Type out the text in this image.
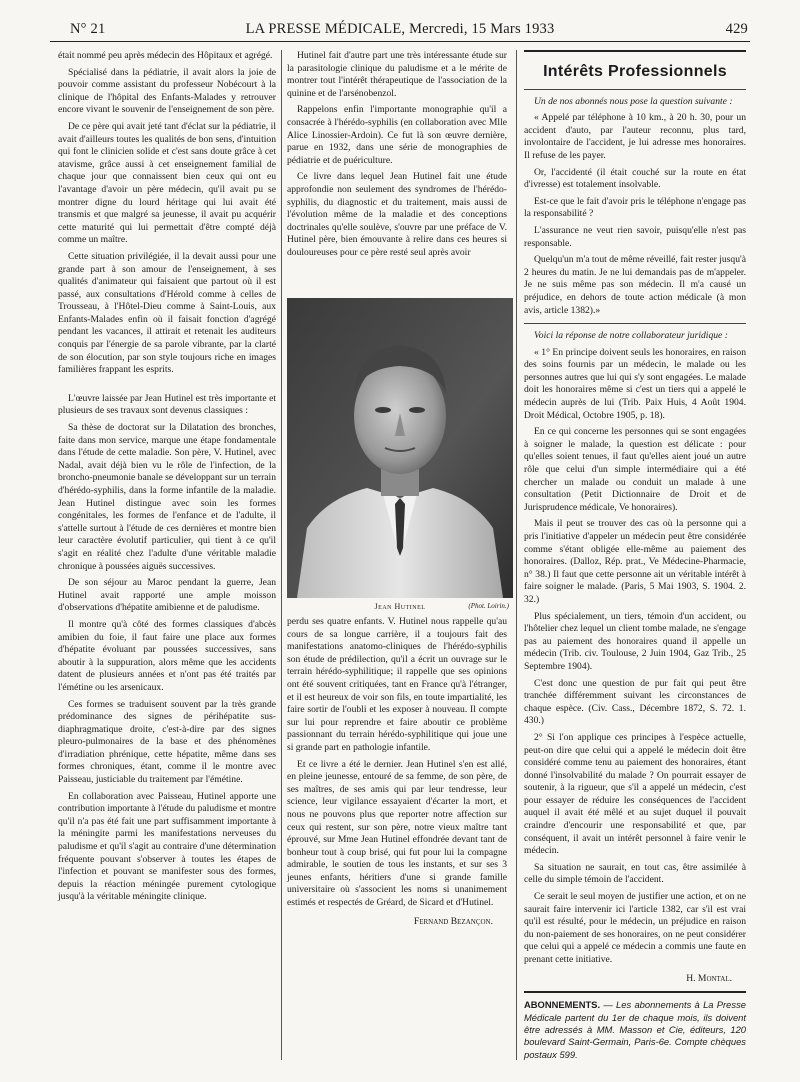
N° 21	LA PRESSE MÉDICALE, Mercredi, 15 Mars 1933	429

était nommé peu après médecin des Hôpitaux et agrégé.

Spécialisé dans la pédiatrie, il avait alors la joie de pouvoir comme assistant du professeur Nobécourt à la clinique de l'hôpital des Enfants-Malades y retrouver encore vivant le souvenir de l'enseignement de son père.

De ce père qui avait jeté tant d'éclat sur la pédiatrie, il avait d'ailleurs toutes les qualités de bon sens, d'intuition qui font le clinicien solide et c'est sans doute grâce à cet atavisme, grâce aussi à cet enseignement familial de chaque jour que connaissent bien ceux qui ont eu l'avantage d'avoir un père médecin, qu'il avait pu se montrer digne du lourd héritage qui lui avait été transmis et que malgré sa jeunesse, il avait pu acquérir cette maturité qui lui permettait d'être compté déjà comme un maître.

Cette situation privilégiée, il la devait aussi pour une grande part à son amour de l'enseignement, à ses qualités d'animateur qui faisaient que partout où il est passé, aux consultations d'Hérold comme à celles de Trousseau, à l'Hôtel-Dieu comme à Saint-Louis, aux Enfants-Malades enfin où il faisait fonction d'agrégé pendant les vacances, il attirait et retenait les auditeurs conquis par l'énergie de sa parole vibrante, par la clarté de son élocution, par son style toujours riche en images familières frappant les esprits.

L'œuvre laissée par Jean Hutinel est très importante et plusieurs de ses travaux sont devenus classiques :

Sa thèse de doctorat sur la Dilatation des bronches, faite dans mon service, marque une étape fondamentale dans l'étude de cette maladie. Son père, V. Hutinel, avec Nadal, avait déjà bien vu le rôle de l'infection, de la broncho-pneumonie banale se développant sur un terrain d'hérédo-syphilis, dans la forme infantile de la maladie. Jean Hutinel distingue avec soin les formes congénitales, les formes de l'enfance et de l'adulte, il s'attelle surtout à l'étude de ces dernières et montre bien leur caractère évolutif particulier, qui tient à ce qu'il s'agit en réalité chez l'adulte d'une véritable maladie chronique à poussées aiguës successives.

De son séjour au Maroc pendant la guerre, Jean Hutinel avait rapporté une ample moisson d'observations d'hépatite amibienne et de paludisme.

Il montre qu'à côté des formes classiques d'abcès amibien du foie, il faut faire une place aux formes d'hépatite évoluant par poussées successives, sans aboutir à la suppuration, alors même que les accidents datent de plusieurs années et n'ont pas été traités par l'émétine ou les arsenicaux.

Ces formes se traduisent souvent par la très grande prédominance des signes de périhépatite sus-diaphragmatique droite, c'est-à-dire par des signes pleuro-pulmonaires de la base et des phénomènes d'irradiation phrénique, cette hépatite, même dans ses formes chroniques, étant, comme il le montre avec Paisseau, justiciable du traitement par l'émétine.

En collaboration avec Paisseau, Hutinel apporte une contribution importante à l'étude du paludisme et montre qu'il n'a pas été fait une part suffisamment importante à la méningite parmi les manifestations nerveuses du paludisme et qu'il s'agit au contraire d'une détermination fréquente pouvant s'observer à toutes les étapes de l'infection et pouvant se manifester sous des formes, depuis la réaction méningée purement cytologique jusqu'à la véritable méningite clinique.

Hutinel fait d'autre part une très intéressante étude sur la parasitologie clinique du paludisme et a le mérite de montrer tout l'intérêt thérapeutique de l'association de la quinine et de l'arsénobenzol.

Rappelons enfin l'importante monographie qu'il a consacrée à l'hérédo-syphilis (en collaboration avec Mlle Alice Linossier-Ardoin). Ce fut là son œuvre dernière, parue en 1932, dans une série de monographies de pédiatrie et de puériculture.

Ce livre dans lequel Jean Hutinel fait une étude approfondie non seulement des syndromes de l'hérédo-syphilis, du diagnostic et du traitement, mais aussi de l'évolution même de la maladie et des conceptions doctrinales qu'elle soulève, s'ouvre par une préface de V. Hutinel père, bien émouvante à relire dans ces heures si douloureuses pour ce père resté seul après avoir

Jean Hutinel	(Phot. Loirin.)

perdu ses quatre enfants. V. Hutinel nous rappelle qu'au cours de sa longue carrière, il a toujours fait des manifestations anatomo-cliniques de l'hérédo-syphilis son étude de prédilection, qu'il a écrit un ouvrage sur le terrain hérédo-syphilitique; il rappelle que ses opinions ont été souvent critiquées, tant en France qu'à l'étranger, et il est heureux de voir son fils, en toute impartialité, les faire sortir de l'oubli et les exposer à nouveau. Il compte sur lui pour reprendre et faire aboutir ce problème passionnant du terrain hérédo-syphilitique qui joue une si grande part en pathologie infantile.

Et ce livre a été le dernier. Jean Hutinel s'en est allé, en pleine jeunesse, entouré de sa femme, de son père, de ses maîtres, de ses amis qui par leur tendresse, leur science, leur vigilance essayaient d'écarter la mort, et nous ne pouvons plus que reporter notre affection sur ceux qui restent, sur son père, notre vieux maître tant éprouvé, sur Mme Jean Hutinel effondrée devant tant de bonheur tout à coup brisé, qui fut pour lui la compagne admirable, le soutien de tous les instants, et sur ses 3 jeunes enfants, héritiers d'une si grande famille universitaire où s'associent les noms si unanimement estimés et respectés de Gréard, de Sicard et d'Hutinel.

Fernand Bezançon.
Intérêts Professionnels

Un de nos abonnés nous pose la question suivante :

« Appelé par téléphone à 10 km., à 20 h. 30, pour un accident d'auto, par l'auteur reconnu, plus tard, involontaire de l'accident, je lui adresse mes honoraires. Il refuse de les payer.

Or, l'accidenté (il était couché sur la route en état d'ivresse) est totalement insolvable.

Est-ce que le fait d'avoir pris le téléphone n'engage pas la responsabilité ?

L'assurance ne veut rien savoir, puisqu'elle n'est pas responsable.

Quelqu'un m'a tout de même réveillé, fait rester jusqu'à 2 heures du matin. Je ne lui demandais pas de m'appeler. Je ne suis même pas son médecin. Il m'a causé un préjudice, en dehors de toute action médicale (à mon avis, article 1382).»

Voici la réponse de notre collaborateur juridique :

« 1° En principe doivent seuls les honoraires, en raison des soins fournis par un médecin, le malade ou les personnes autres que lui qui s'y sont engagées. Le malade doit les honoraires même si c'est un tiers qui a appelé le médecin auprès de lui (Trib. Paix Huis, 4 Août 1904. Droit Médical, Octobre 1905, p. 18).

En ce qui concerne les personnes qui se sont engagées à soigner le malade, la question est délicate : pour qu'elles soient tenues, il faut qu'elles aient joué un autre rôle que celui d'un simple intermédiaire qui a été chercher un malade ou conduit un malade à une consultation (Petit Dictionnaire de Droit et de Jurisprudence médicale, Ve honoraires).

Mais il peut se trouver des cas où la personne qui a pris l'initiative d'appeler un médecin peut être considérée comme s'étant obligée elle-même au paiement des honoraires. (Dalloz, Rép. prat., Ve Médecine-Pharmacie, n° 38.) Il faut que cette personne ait un véritable intérêt à faire soigner le malade. (Paris, 5 Mai 1903, S. 1904. 2. 32.)

Plus spécialement, un tiers, témoin d'un accident, ou l'hôtelier chez lequel un client tombe malade, ne s'engage pas au paiement des honoraires quand il appelle un médecin (Trib. civ. Toulouse, 2 Juin 1904, Gaz Trib., 25 Septembre 1904).

C'est donc une question de pur fait qui peut être tranchée différemment suivant les circonstances de chaque espèce. (Civ. Cass., Décembre 1872, S. 72. 1. 430.)

2° Si l'on applique ces principes à l'espèce actuelle, peut-on dire que celui qui a appelé le médecin doit être considéré comme tenu au paiement des honoraires, étant donné l'insolvabilité du malade ? On pourrait essayer de soutenir, à la rigueur, que s'il a appelé un médecin, c'est pour essayer de réduire les conséquences de l'accident auquel il avait été mêlé et au sujet duquel il pouvait craindre d'encourir une responsabilité et que, par conséquent, il avait un intérêt personnel à faire venir le médecin.

Sa situation ne saurait, en tout cas, être assimilée à celle du simple témoin de l'accident.

Ce serait le seul moyen de justifier une action, et on ne saurait faire intervenir ici l'article 1382, car s'il est vrai qu'il est résulté, pour le médecin, un préjudice en raison du non-paiement de ses honoraires, on ne peut considérer que celui qui a appelé ce médecin a commis une faute en prenant cette initiative.

H. Montal.

ABONNEMENTS. — Les abonnements à La Presse Médicale partent du 1er de chaque mois, ils doivent être adressés à MM. Masson et Cie, éditeurs, 120 boulevard Saint-Germain, Paris-6e. Compte chèques postaux 599.
